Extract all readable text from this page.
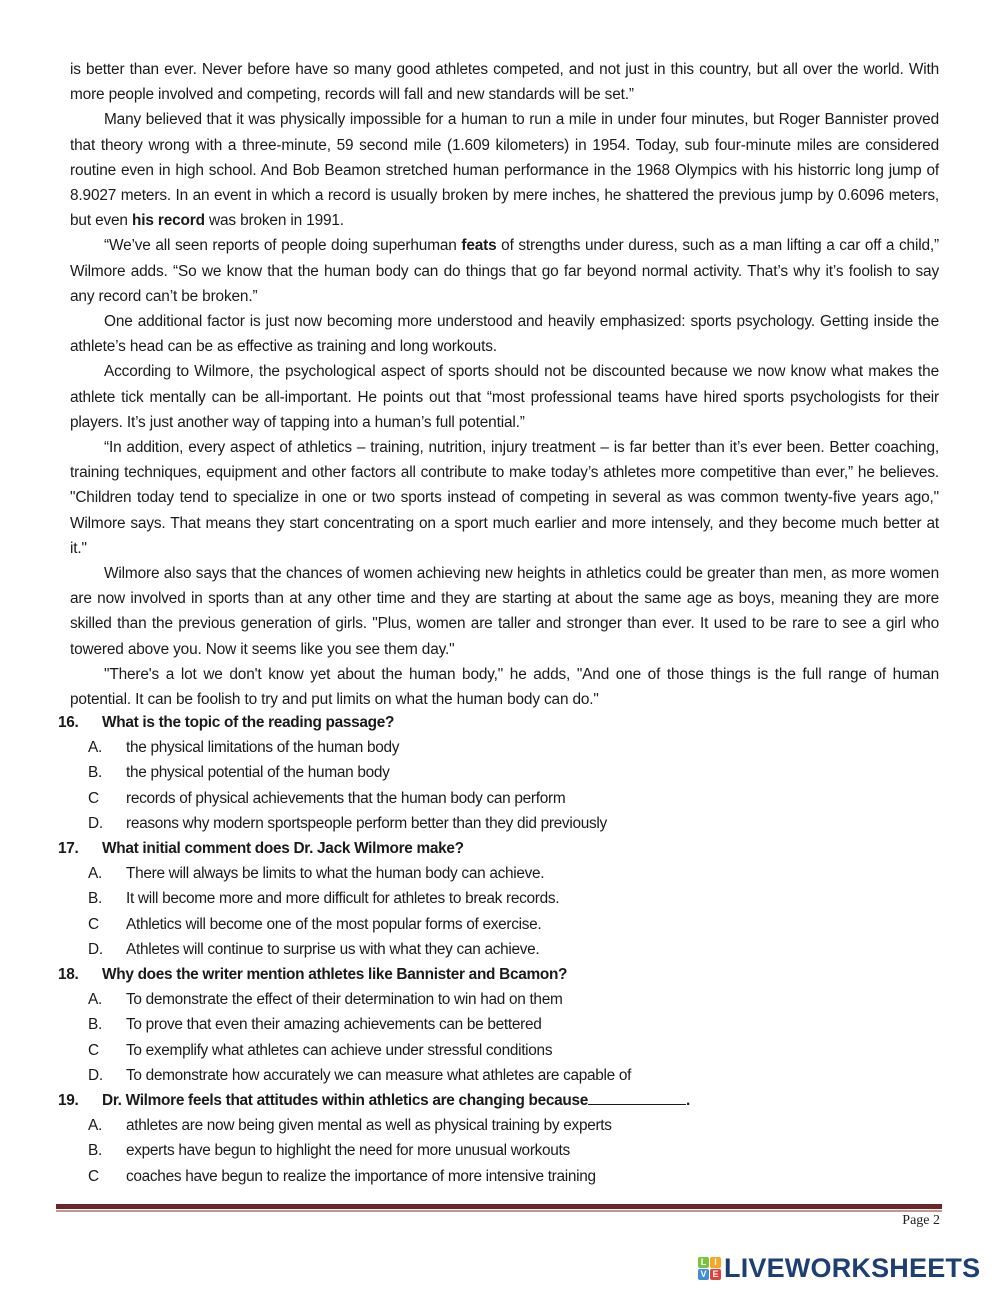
is better than ever. Never before have so many good athletes competed, and not just in this country, but all over the world. With more people involved and competing, records will fall and new standards will be set.”

Many believed that it was physically impossible for a human to run a mile in under four minutes, but Roger Bannister proved that theory wrong with a three-minute, 59 second mile (1.609 kilometers) in 1954. Today, sub four-minute miles are considered routine even in high school. And Bob Beamon stretched human performance in the 1968 Olympics with his historric long jump of 8.9027 meters. In an event in which a record is usually broken by mere inches, he shattered the previous jump by 0.6096 meters, but even his record was broken in 1991.

“We’ve all seen reports of people doing superhuman feats of strengths under duress, such as a man lifting a car off a child,” Wilmore adds. “So we know that the human body can do things that go far beyond normal activity. That’s why it’s foolish to say any record can’t be broken.”

One additional factor is just now becoming more understood and heavily emphasized: sports psychology. Getting inside the athlete’s head can be as effective as training and long workouts.

According to Wilmore, the psychological aspect of sports should not be discounted because we now know what makes the athlete tick mentally can be all-important. He points out that “most professional teams have hired sports psychologists for their players. It’s just another way of tapping into a human’s full potential.”

“In addition, every aspect of athletics – training, nutrition, injury treatment – is far better than it’s ever been. Better coaching, training techniques, equipment and other factors all contribute to make today’s athletes more competitive than ever,” he believes. "Children today tend to specialize in one or two sports instead of competing in several as was common twenty-five years ago," Wilmore says. That means they start concentrating on a sport much earlier and more intensely, and they become much better at it."

Wilmore also says that the chances of women achieving new heights in athletics could be greater than men, as more women are now involved in sports than at any other time and they are starting at about the same age as boys, meaning they are more skilled than the previous generation of girls. "Plus, women are taller and stronger than ever. It used to be rare to see a girl who towered above you. Now it seems like you see them day."

"There's a lot we don't know yet about the human body," he adds, "And one of those things is the full range of human potential. It can be foolish to try and put limits on what the human body can do."

16.	What is the topic of the reading passage?
A.	the physical limitations of the human body
B.	the physical potential of the human body
C	records of physical achievements that the human body can perform
D.	reasons why modern sportspeople perform better than they did previously
17.	What initial comment does Dr. Jack Wilmore make?
A.	There will always be limits to what the human body can achieve.
B.	It will become more and more difficult for athletes to break records.
C	Athletics will become one of the most popular forms of exercise.
D.	Athletes will continue to surprise us with what they can achieve.
18.	Why does the writer mention athletes like Bannister and Bcamon?
A.	To demonstrate the effect of their determination to win had on them
B.	To prove that even their amazing achievements can be bettered
C	To exemplify what athletes can achieve under stressful conditions
D.	To demonstrate how accurately we can measure what athletes are capable of
19.	Dr. Wilmore feels that attitudes within athletics are changing because	.
A.	athletes are now being given mental as well as physical training by experts
B.	experts have begun to highlight the need for more unusual workouts
C	coaches have begun to realize the importance of more intensive training
Page 2
L I
V E LIVEWORKSHEETS
